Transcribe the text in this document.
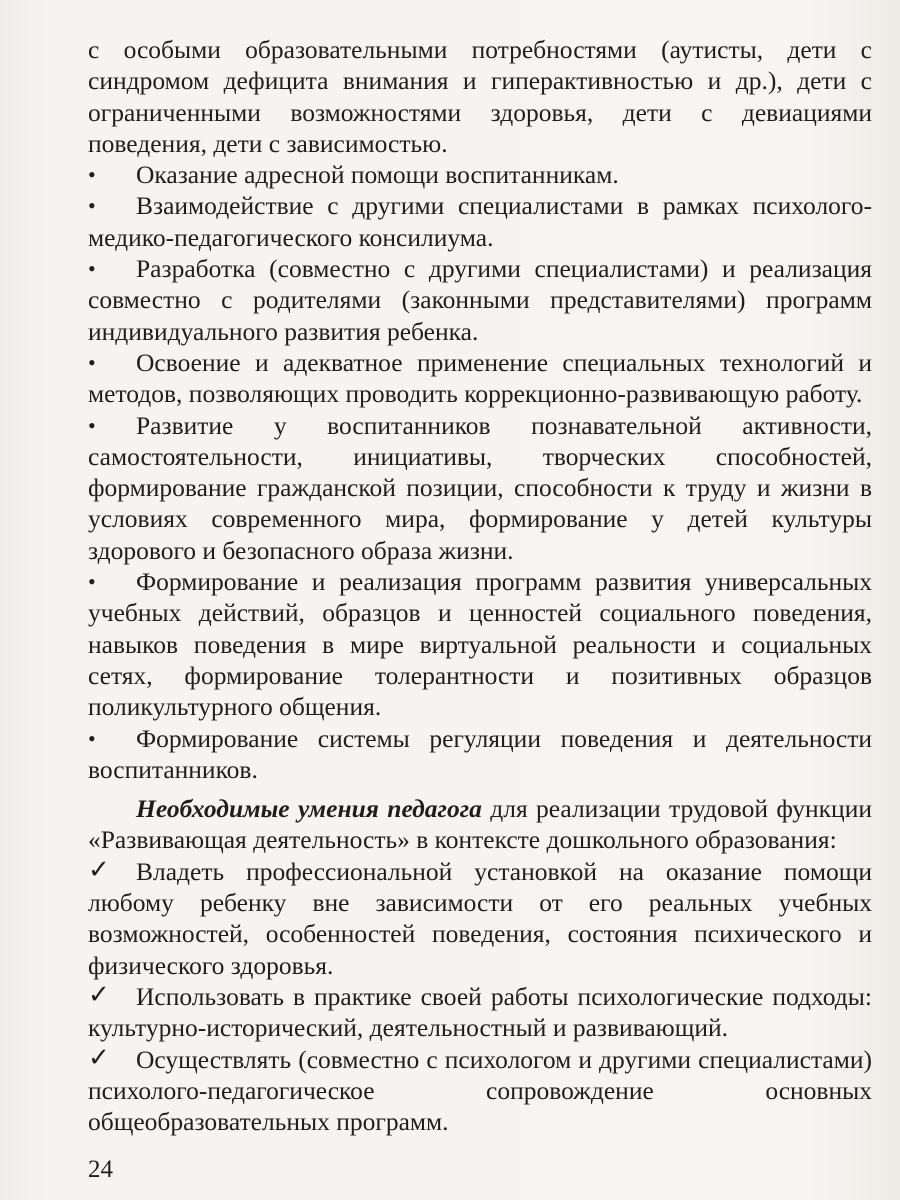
с особыми образовательными потребностями (аутисты, дети с синдромом дефицита внимания и гиперактивностью и др.), дети с ограниченными возможностями здоровья, дети с девиациями поведения, дети с зависимостью.

•	Оказание адресной помощи воспитанникам.

•	Взаимодействие с другими специалистами в рамках психолого-медико-педагогического консилиума.

•	Разработка (совместно с другими специалистами) и реализация совместно с родителями (законными представителями) программ индивидуального развития ребенка.

•	Освоение и адекватное применение специальных технологий и методов, позволяющих проводить коррекционно-развивающую работу.

•	Развитие у воспитанников познавательной активности, самостоятельности, инициативы, творческих способностей, формирование гражданской позиции, способности к труду и жизни в условиях современного мира, формирование у детей культуры здорового и безопасного образа жизни.

•	Формирование и реализация программ развития универсальных учебных действий, образцов и ценностей социального поведения, навыков поведения в мире виртуальной реальности и социальных сетях, формирование толерантности и позитивных образцов поликультурного общения.

•	Формирование системы регуляции поведения и деятельности воспитанников.

Необходимые умения педагога для реализации трудовой функции «Развивающая деятельность» в контексте дошкольного образования:

✓ Владеть профессиональной установкой на оказание помощи любому ребенку вне зависимости от его реальных учебных возможностей, особенностей поведения, состояния психического и физического здоровья.

✓ Использовать в практике своей работы психологические подходы: культурно-исторический, деятельностный и развивающий.

✓ Осуществлять (совместно с психологом и другими специалистами) психолого-педагогическое сопровождение основных общеобразовательных программ.

24
